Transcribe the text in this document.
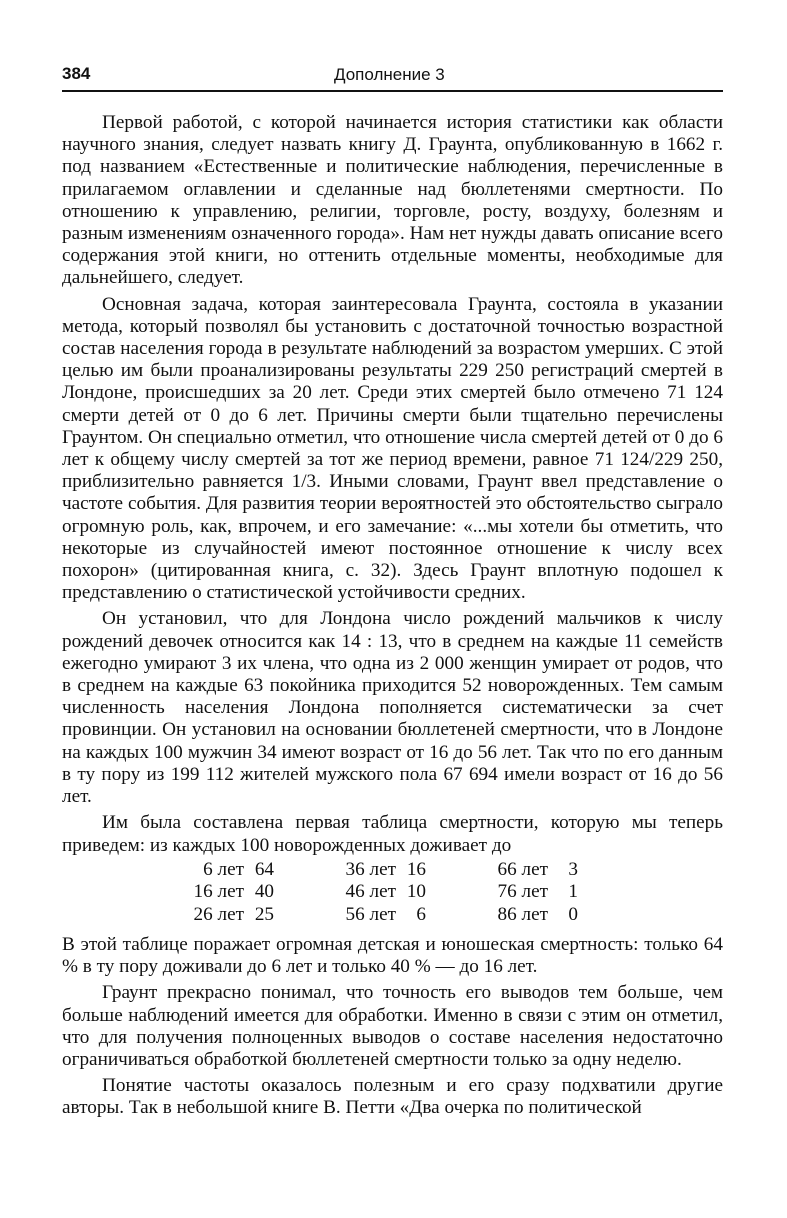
384	Дополнение 3

Первой работой, с которой начинается история статистики как области научного знания, следует назвать книгу Д. Граунта, опубликованную в 1662 г. под названием «Естественные и политические наблюдения, перечисленные в прилагаемом оглавлении и сделанные над бюллетенями смертности. По отношению к управлению, религии, торговле, росту, воздуху, болезням и разным изменениям означенного города». Нам нет нужды давать описание всего содержания этой книги, но оттенить отдельные моменты, необходимые для дальнейшего, следует.

Основная задача, которая заинтересовала Граунта, состояла в указании метода, который позволял бы установить с достаточной точностью возрастной состав населения города в результате наблюдений за возрастом умерших. С этой целью им были проанализированы результаты 229 250 регистраций смертей в Лондоне, происшедших за 20 лет. Среди этих смертей было отмечено 71 124 смерти детей от 0 до 6 лет. Причины смерти были тщательно перечислены Граунтом. Он специально отметил, что отношение числа смертей детей от 0 до 6 лет к общему числу смертей за тот же период времени, равное 71 124/229 250, приблизительно равняется 1/3. Иными словами, Граунт ввел представление о частоте события. Для развития теории вероятностей это обстоятельство сыграло огромную роль, как, впрочем, и его замечание: «...мы хотели бы отметить, что некоторые из случайностей имеют постоянное отношение к числу всех похорон» (цитированная книга, с. 32). Здесь Граунт вплотную подошел к представлению о статистической устойчивости средних.

Он установил, что для Лондона число рождений мальчиков к числу рождений девочек относится как 14 : 13, что в среднем на каждые 11 семейств ежегодно умирают 3 их члена, что одна из 2 000 женщин умирает от родов, что в среднем на каждые 63 покойника приходится 52 новорожденных. Тем самым численность населения Лондона пополняется систематически за счет провинции. Он установил на основании бюллетеней смертности, что в Лондоне на каждых 100 мужчин 34 имеют возраст от 16 до 56 лет. Так что по его данным в ту пору из 199 112 жителей мужского пола 67 694 имели возраст от 16 до 56 лет.

Им была составлена первая таблица смертности, которую мы теперь приведем: из каждых 100 новорожденных доживает до

6 лет	64		36 лет	16		66 лет	3
16 лет	40		46 лет	10		76 лет	1
26 лет	25		56 лет	6		86 лет	0

В этой таблице поражает огромная детская и юношеская смертность: только 64 % в ту пору доживали до 6 лет и только 40 % — до 16 лет.

Граунт прекрасно понимал, что точность его выводов тем больше, чем больше наблюдений имеется для обработки. Именно в связи с этим он отметил, что для получения полноценных выводов о составе населения недостаточно ограничиваться обработкой бюллетеней смертности только за одну неделю.

Понятие частоты оказалось полезным и его сразу подхватили другие авторы. Так в небольшой книге В. Петти «Два очерка по политической
